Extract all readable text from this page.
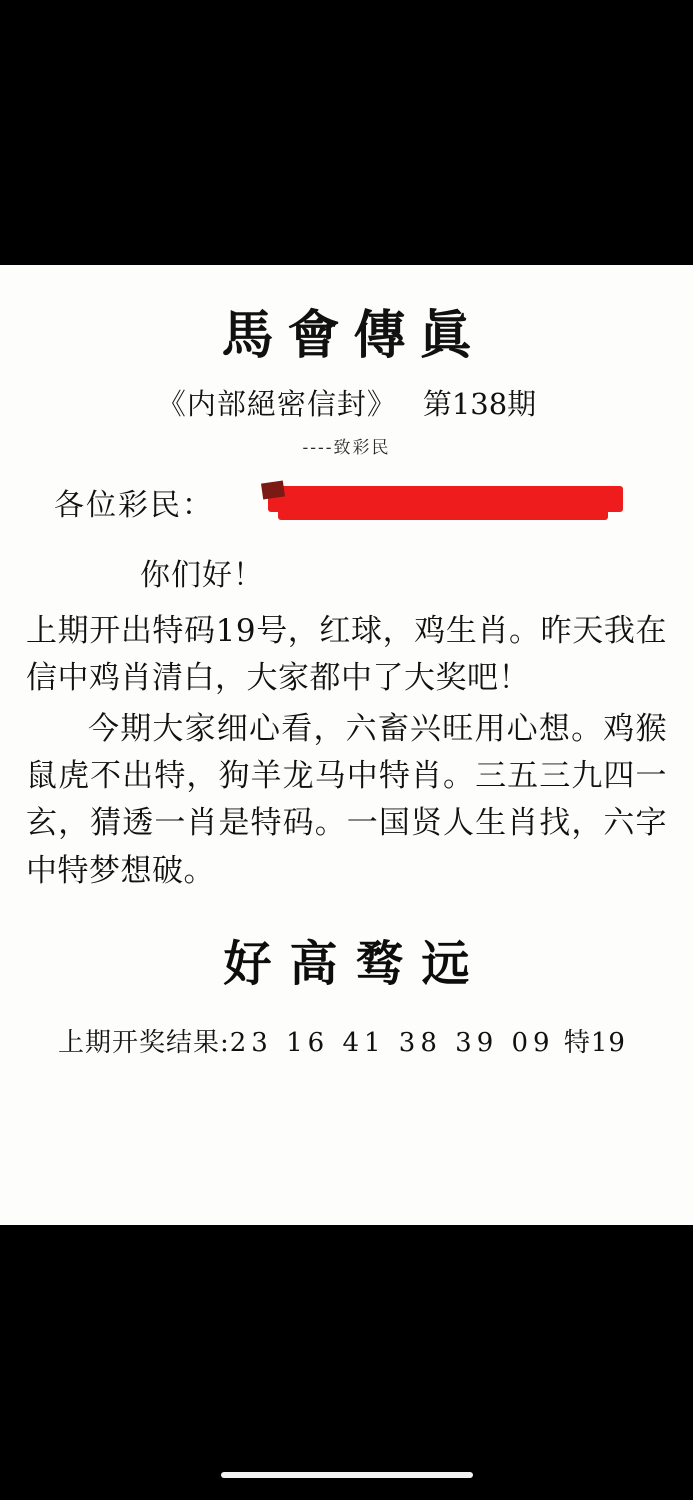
馬會傳眞
《内部絕密信封》 第138期
----致彩民
各位彩民：
你们好！

上期开出特码19号，红球，鸡生肖。昨天我在信中鸡肖清白，大家都中了大奖吧！

今期大家细心看，六畜兴旺用心想。鸡猴鼠虎不出特，狗羊龙马中特肖。三五三九四一玄，猜透一肖是特码。一国贤人生肖找，六字中特梦想破。

好高骛远
上期开奖结果:23 16 41 38 39 09 特19
